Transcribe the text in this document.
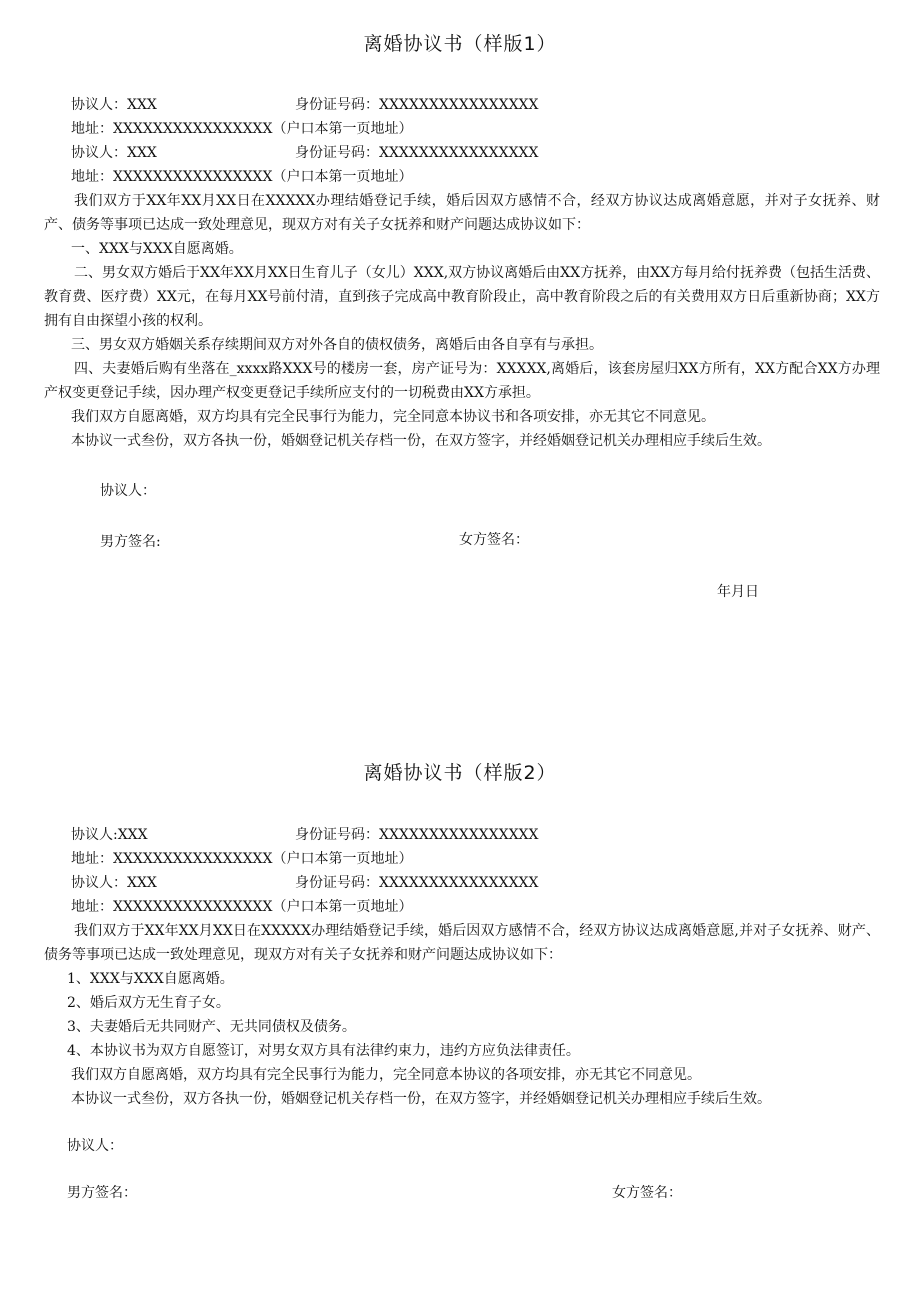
离婚协议书（样版1）
协议人：XXX	身份证号码：XXXXXXXXXXXXXXXX
地址：XXXXXXXXXXXXXXXX（户口本第一页地址）
协议人：XXX	身份证号码：XXXXXXXXXXXXXXXX
地址：XXXXXXXXXXXXXXXX（户口本第一页地址）
我们双方于XX年XX月XX日在XXXXX办理结婚登记手续，婚后因双方感情不合，经双方协议达成离婚意愿，并对子女抚养、财产、债务等事项已达成一致处理意见，现双方对有关子女抚养和财产问题达成协议如下：
一、XXX与XXX自愿离婚。
二、男女双方婚后于XX年XX月XX日生育儿子（女儿）XXX,双方协议离婚后由XX方抚养，由XX方每月给付抚养费（包括生活费、教育费、医疗费）XX元，在每月XX号前付清，直到孩子完成高中教育阶段止，高中教育阶段之后的有关费用双方日后重新协商；XX方拥有自由探望小孩的权利。
三、男女双方婚姻关系存续期间双方对外各自的债权债务，离婚后由各自享有与承担。
四、夫妻婚后购有坐落在_xxxx路XXX号的楼房一套，房产证号为：XXXXX,离婚后，该套房屋归XX方所有，XX方配合XX方办理产权变更登记手续，因办理产权变更登记手续所应支付的一切税费由XX方承担。
我们双方自愿离婚，双方均具有完全民事行为能力，完全同意本协议书和各项安排，亦无其它不同意见。
本协议一式叁份，双方各执一份，婚姻登记机关存档一份，在双方签字，并经婚姻登记机关办理相应手续后生效。
协议人：
男方签名:	女方签名：
年月日
离婚协议书（样版2）
协议人:XXX	身份证号码：XXXXXXXXXXXXXXXX
地址：XXXXXXXXXXXXXXXX（户口本第一页地址）
协议人：XXX	身份证号码：XXXXXXXXXXXXXXXX
地址：XXXXXXXXXXXXXXXX（户口本第一页地址）
我们双方于XX年XX月XX日在XXXXX办理结婚登记手续，婚后因双方感情不合，经双方协议达成离婚意愿,并对子女抚养、财产、债务等事项已达成一致处理意见，现双方对有关子女抚养和财产问题达成协议如下：
1、XXX与XXX自愿离婚。
2、婚后双方无生育子女。
3、夫妻婚后无共同财产、无共同债权及债务。
4、本协议书为双方自愿签订，对男女双方具有法律约束力，违约方应负法律责任。
我们双方自愿离婚，双方均具有完全民事行为能力，完全同意本协议的各项安排，亦无其它不同意见。
本协议一式叁份，双方各执一份，婚姻登记机关存档一份，在双方签字，并经婚姻登记机关办理相应手续后生效。
协议人：
男方签名：	女方签名：
